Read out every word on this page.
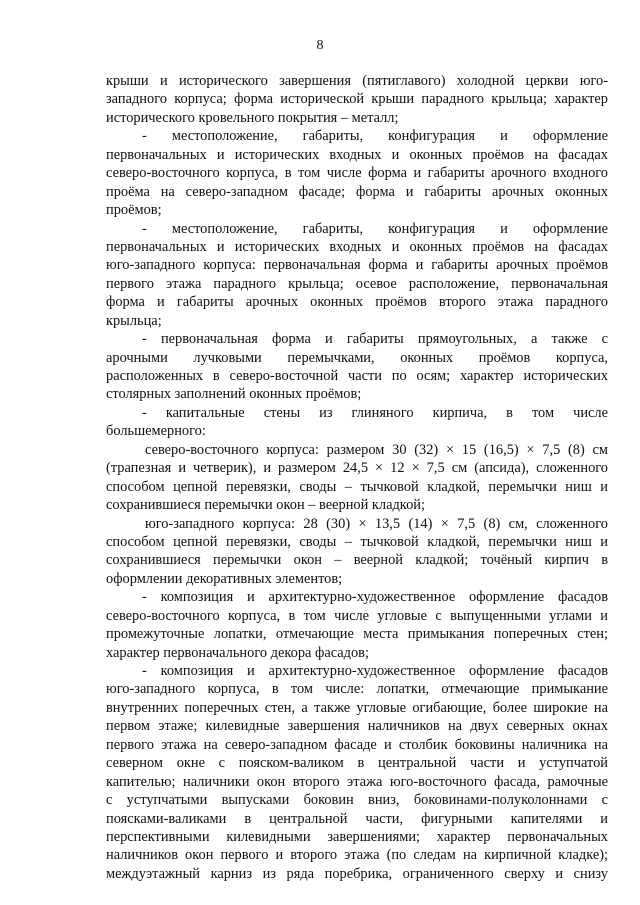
8
крыши и исторического завершения (пятиглавого) холодной церкви юго-
западного корпуса; форма исторической крыши парадного крыльца; характер
исторического кровельного покрытия – металл;
- местоположение, габариты, конфигурация и оформление
первоначальных и исторических входных и оконных проёмов на фасадах
северо-восточного корпуса, в том числе форма и габариты арочного входного
проёма на северо-западном фасаде; форма и габариты арочных оконных
проёмов;
- местоположение, габариты, конфигурация и оформление
первоначальных и исторических входных и оконных проёмов на фасадах
юго-западного корпуса: первоначальная форма и габариты арочных проёмов
первого этажа парадного крыльца; осевое расположение, первоначальная
форма и габариты арочных оконных проёмов второго этажа парадного
крыльца;
- первоначальная форма и габариты прямоугольных, а также с
арочными лучковыми перемычками, оконных проёмов корпуса,
расположенных в северо-восточной части по осям; характер исторических
столярных заполнений оконных проёмов;
- капитальные стены из глиняного кирпича, в том числе
большемерного:
северо-восточного корпуса: размером 30 (32) × 15 (16,5) × 7,5 (8) см
(трапезная и четверик), и размером 24,5 × 12 × 7,5 см (апсида), сложенного
способом цепной перевязки, своды – тычковой кладкой, перемычки ниш и
сохранившиеся перемычки окон – веерной кладкой;
юго-западного корпуса: 28 (30) × 13,5 (14) × 7,5 (8) см, сложенного
способом цепной перевязки, своды – тычковой кладкой, перемычки ниш и
сохранившиеся перемычки окон – веерной кладкой; точёный кирпич в
оформлении декоративных элементов;
- композиция и архитектурно-художественное оформление фасадов
северо-восточного корпуса, в том числе угловые с выпущенными углами и
промежуточные лопатки, отмечающие места примыкания поперечных стен;
характер первоначального декора фасадов;
- композиция и архитектурно-художественное оформление фасадов
юго-западного корпуса, в том числе: лопатки, отмечающие примыкание
внутренних поперечных стен, а также угловые огибающие, более широкие на
первом этаже; килевидные завершения наличников на двух северных окнах
первого этажа на северо-западном фасаде и столбик боковины наличника на
северном окне с пояском-валиком в центральной части и уступчатой
капителью; наличники окон второго этажа юго-восточного фасада, рамочные
с уступчатыми выпусками боковин вниз, боковинами-полуколоннами с
поясками-валиками в центральной части, фигурными капителями и
перспективными килевидными завершениями; характер первоначальных
наличников окон первого и второго этажа (по следам на кирпичной кладке);
междуэтажный карниз из ряда поребрика, ограниченного сверху и снизу
